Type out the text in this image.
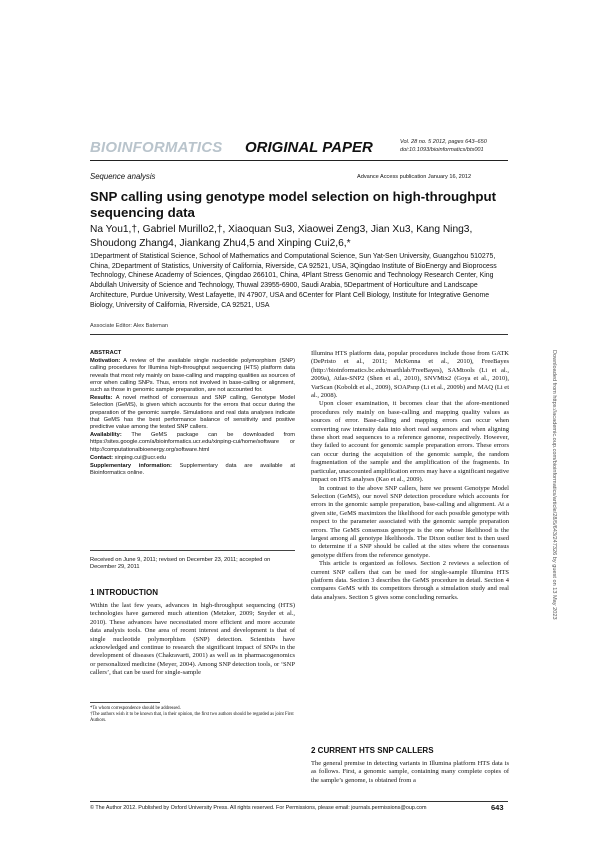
BIOINFORMATICS ORIGINAL PAPER	Vol. 28 no. 5 2012, pages 643–650
doi:10.1093/bioinformatics/bts001
Sequence analysis	Advance Access publication January 16, 2012
SNP calling using genotype model selection on high-throughput sequencing data
Na You1,†, Gabriel Murillo2,†, Xiaoquan Su3, Xiaowei Zeng3, Jian Xu3, Kang Ning3,
Shoudong Zhang4, Jiankang Zhu4,5 and Xinping Cui2,6,*
1Department of Statistical Science, School of Mathematics and Computational Science, Sun Yat-Sen University, Guangzhou 510275, China, 2Department of Statistics, University of California, Riverside, CA 92521, USA, 3Qingdao Institute of BioEnergy and Bioprocess Technology, Chinese Academy of Sciences, Qingdao 266101, China, 4Plant Stress Genomic and Technology Research Center, King Abdullah University of Science and Technology, Thuwal 23955-6900, Saudi Arabia, 5Department of Horticulture and Landscape Architecture, Purdue University, West Lafayette, IN 47907, USA and 6Center for Plant Cell Biology, Institute for Integrative Genome Biology, University of California, Riverside, CA 92521, USA
Associate Editor: Alex Bateman

ABSTRACT

Motivation: A review of the available single nucleotide polymorphism (SNP) calling procedures for Illumina high-throughput sequencing (HTS) platform data reveals that most rely mainly on base-calling and mapping qualities as sources of error when calling SNPs. Thus, errors not involved in base-calling or alignment, such as those in genomic sample preparation, are not accounted for.

Results: A novel method of consensus and SNP calling, Genotype Model Selection (GeMS), is given which accounts for the errors that occur during the preparation of the genomic sample. Simulations and real data analyses indicate that GeMS has the best performance balance of sensitivity and positive predictive value among the tested SNP callers.

Availability: The GeMS package can be downloaded from https://sites.google.com/a/bioinformatics.ucr.edu/xinping-cui/home/software or http://computationalbioenergy.org/software.html

Contact: xinping.cui@ucr.edu

Supplementary information: Supplementary data are available at Bioinformatics online.

Received on June 9, 2011; revised on December 23, 2011; accepted on December 29, 2011
1 INTRODUCTION

Within the last few years, advances in high-throughput sequencing (HTS) technologies have garnered much attention (Metzker, 2009; Snyder et al., 2010). These advances have necessitated more efficient and more accurate data analysis tools. One area of recent interest and development is that of single nucleotide polymorphism (SNP) detection. Scientists have acknowledged and continue to research the significant impact of SNPs in the development of diseases (Chakravarti, 2001) as well as in pharmacogenomics or personalized medicine (Meyer, 2004). Among SNP detection tools, or ‘SNP callers’, that can be used for single-sample

*To whom correspondence should be addressed.
†The authors wish it to be known that, in their opinion, the first two authors should be regarded as joint First Authors.

Illumina HTS platform data, popular procedures include those from GATK (DePristo et al., 2011; McKenna et al., 2010), FreeBayes (http://bioinformatics.bc.edu/marthlab/FreeBayes), SAMtools (Li et al., 2009a), Atlas-SNP2 (Shen et al., 2010), SNVMix2 (Goya et al., 2010), VarScan (Koboldt et al., 2009), SOAPsnp (Li et al., 2009b) and MAQ (Li et al., 2008).

Upon closer examination, it becomes clear that the afore-mentioned procedures rely mainly on base-calling and mapping quality values as sources of error. Base-calling and mapping errors can occur when converting raw intensity data into short read sequences and when aligning these short read sequences to a reference genome, respectively. However, they failed to account for genomic sample preparation errors. These errors can occur during the acquisition of the genomic sample, the random fragmentation of the sample and the amplification of the fragments. In particular, unaccounted amplification errors may have a significant negative impact on HTS analyses (Kao et al., 2009).

In contrast to the above SNP callers, here we present Genotype Model Selection (GeMS), our novel SNP detection procedure which accounts for errors in the genomic sample preparation, base-calling and alignment. At a given site, GeMS maximizes the likelihood for each possible genotype with respect to the parameter associated with the genomic sample preparation errors. The GeMS consensus genotype is the one whose likelihood is the largest among all genotype likelihoods. The Dixon outlier test is then used to determine if a SNP should be called at the sites where the consensus genotype differs from the reference genotype.

This article is organized as follows. Section 2 reviews a selection of current SNP callers that can be used for single-sample Illumina HTS platform data. Section 3 describes the GeMS procedure in detail. Section 4 compares GeMS with its competitors through a simulation study and real data analyses. Section 5 gives some concluding remarks.

2 CURRENT HTS SNP CALLERS

The general premise in detecting variants in Illumina platform HTS data is as follows. First, a genomic sample, containing many complete copies of the sample’s genome, is obtained from a

© The Author 2012. Published by Oxford University Press. All rights reserved. For Permissions, please email: journals.permissions@oup.com	643
Downloaded from https://academic.oup.com/bioinformatics/article/28/5/643/247326 by guest on 13 May 2023
